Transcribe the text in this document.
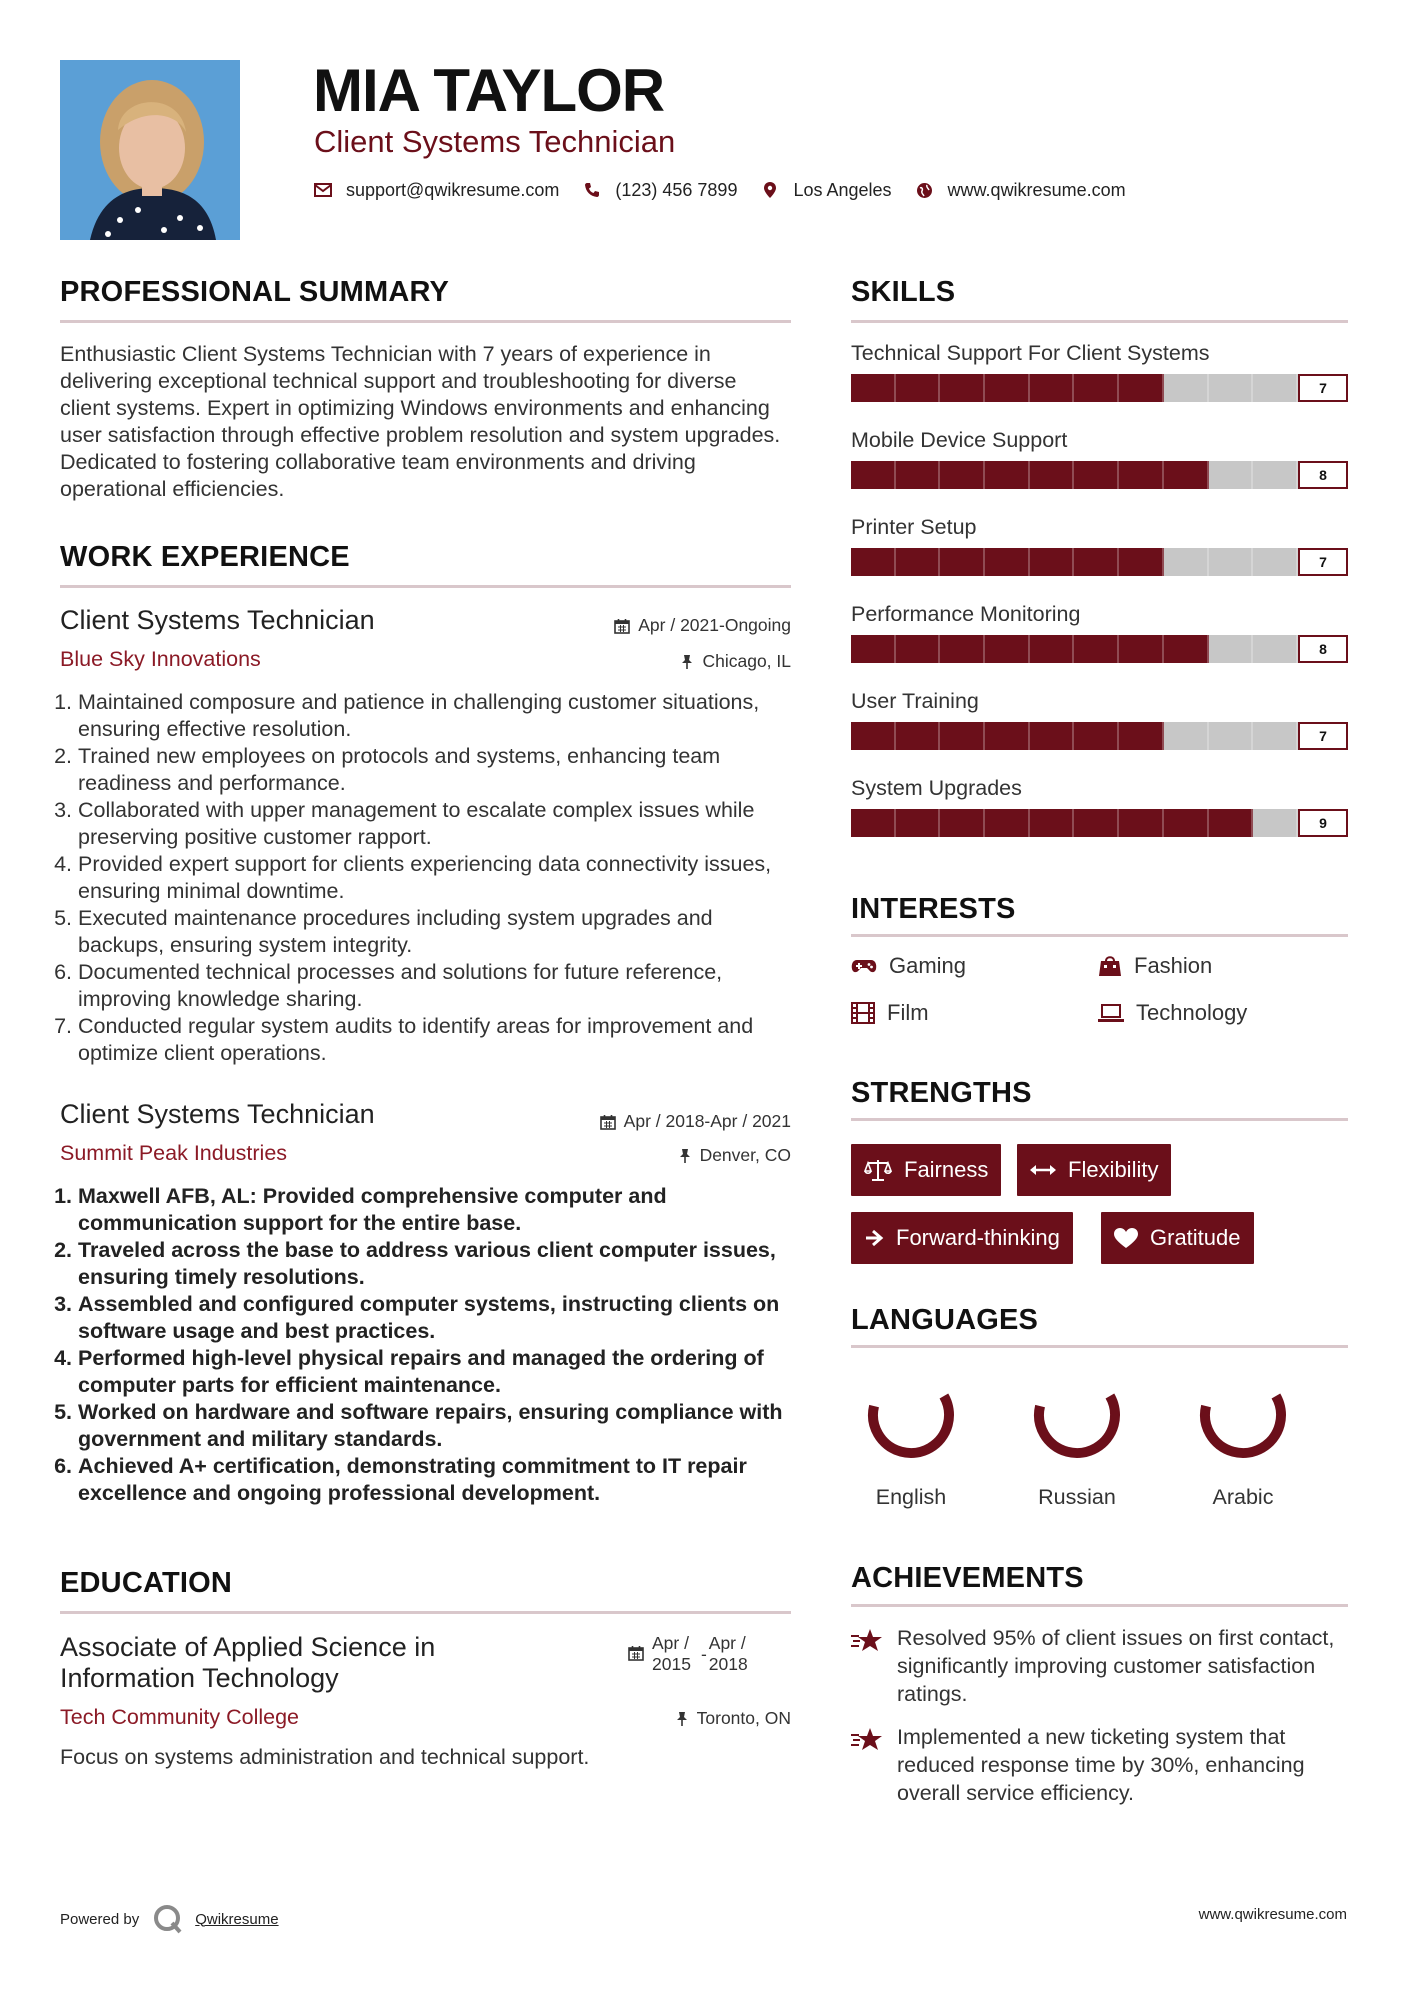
MIA TAYLOR
Client Systems Technician
support@qwikresume.com	(123) 456 7899	Los Angeles	www.qwikresume.com
PROFESSIONAL SUMMARY
Enthusiastic Client Systems Technician with 7 years of experience in delivering exceptional technical support and troubleshooting for diverse client systems. Expert in optimizing Windows environments and enhancing user satisfaction through effective problem resolution and system upgrades. Dedicated to fostering collaborative team environments and driving operational efficiencies.
WORK EXPERIENCE
Client Systems Technician	Apr / 2021-Ongoing
Blue Sky Innovations	Chicago, IL
1. Maintained composure and patience in challenging customer situations, ensuring effective resolution.
2. Trained new employees on protocols and systems, enhancing team readiness and performance.
3. Collaborated with upper management to escalate complex issues while preserving positive customer rapport.
4. Provided expert support for clients experiencing data connectivity issues, ensuring minimal downtime.
5. Executed maintenance procedures including system upgrades and backups, ensuring system integrity.
6. Documented technical processes and solutions for future reference, improving knowledge sharing.
7. Conducted regular system audits to identify areas for improvement and optimize client operations.
Client Systems Technician	Apr / 2018-Apr / 2021
Summit Peak Industries	Denver, CO
1. Maxwell AFB, AL: Provided comprehensive computer and communication support for the entire base.
2. Traveled across the base to address various client computer issues, ensuring timely resolutions.
3. Assembled and configured computer systems, instructing clients on software usage and best practices.
4. Performed high-level physical repairs and managed the ordering of computer parts for efficient maintenance.
5. Worked on hardware and software repairs, ensuring compliance with government and military standards.
6. Achieved A+ certification, demonstrating commitment to IT repair excellence and ongoing professional development.
EDUCATION
Associate of Applied Science in
Information Technology
Apr /
2015 -
Apr /
2018
Tech Community College	Toronto, ON
Focus on systems administration and technical support.
SKILLS
Technical Support For Client Systems
7
Mobile Device Support
8
Printer Setup
7
Performance Monitoring
8
User Training
7
System Upgrades
9
INTERESTS
Gaming	Fashion
Film	Technology
STRENGTHS
Fairness	Flexibility
Forward-thinking	Gratitude
LANGUAGES
English	Russian	Arabic
ACHIEVEMENTS
Resolved 95% of client issues on first contact, significantly improving customer satisfaction ratings.
Implemented a new ticketing system that reduced response time by 30%, enhancing overall service efficiency.
Powered by	Qwikresume	www.qwikresume.com
